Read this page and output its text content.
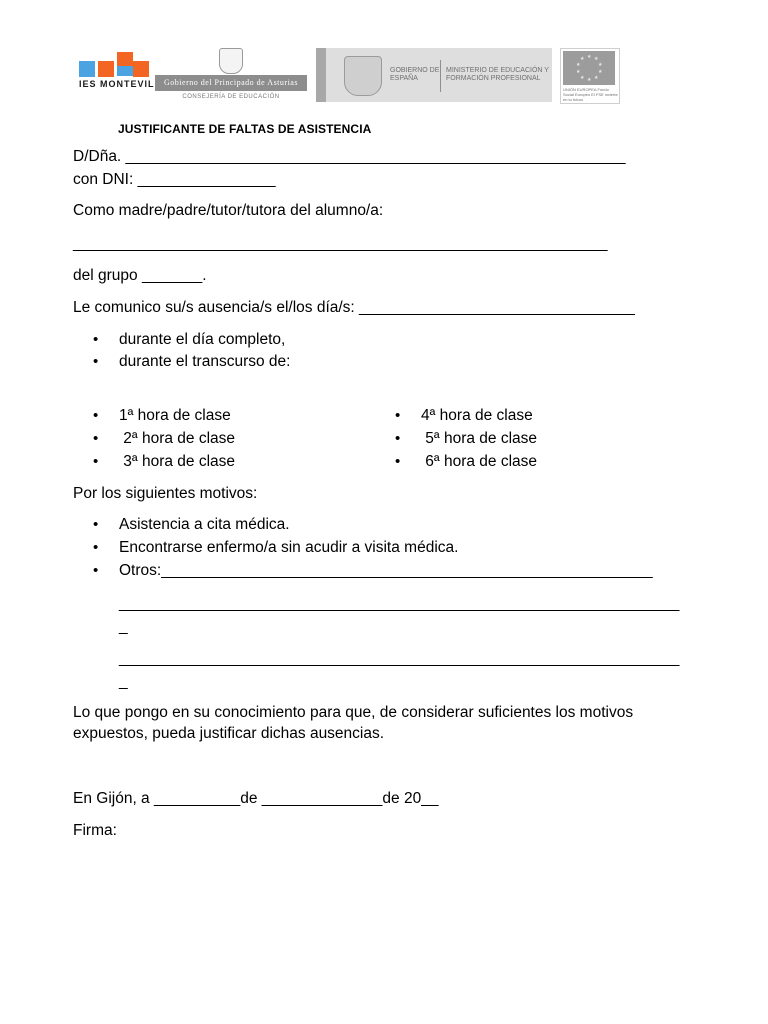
IES MONTEVIL	Gobierno del Principado de Asturias
CONSEJERÍA DE EDUCACIÓN
GOBIERNO DE ESPAÑA
MINISTERIO DE EDUCACIÓN Y FORMACIÓN PROFESIONAL
★ ★
★
★
★
★
★
★
★
★
UNIÓN EUROPEA Fondo Social Europeo El FSE invierte en tu futuro
JUSTIFICANTE DE FALTAS DE ASISTENCIA
D/Dña. __________________________________________________________
con DNI: ________________
Como madre/padre/tutor/tutora del alumno/a:
______________________________________________________________
del grupo _______.
Le comunico su/s ausencia/s el/los día/s: ________________________________
• durante el día completo,
• durante el transcurso de:
• 1ª hora de clase
•  2ª hora de clase
•  3ª hora de clase
• 4ª hora de clase
•  5ª hora de clase
•  6ª hora de clase
Por los siguientes motivos:
• Asistencia a cita médica.
• Encontrarse enfermo/a sin acudir a visita médica.
• Otros:_________________________________________________________
_________________________________________________________________
_
_________________________________________________________________
_
Lo que pongo en su conocimiento para que, de considerar suficientes los motivos
expuestos, pueda justificar dichas ausencias.
En Gijón, a __________de ______________de 20__
Firma:
